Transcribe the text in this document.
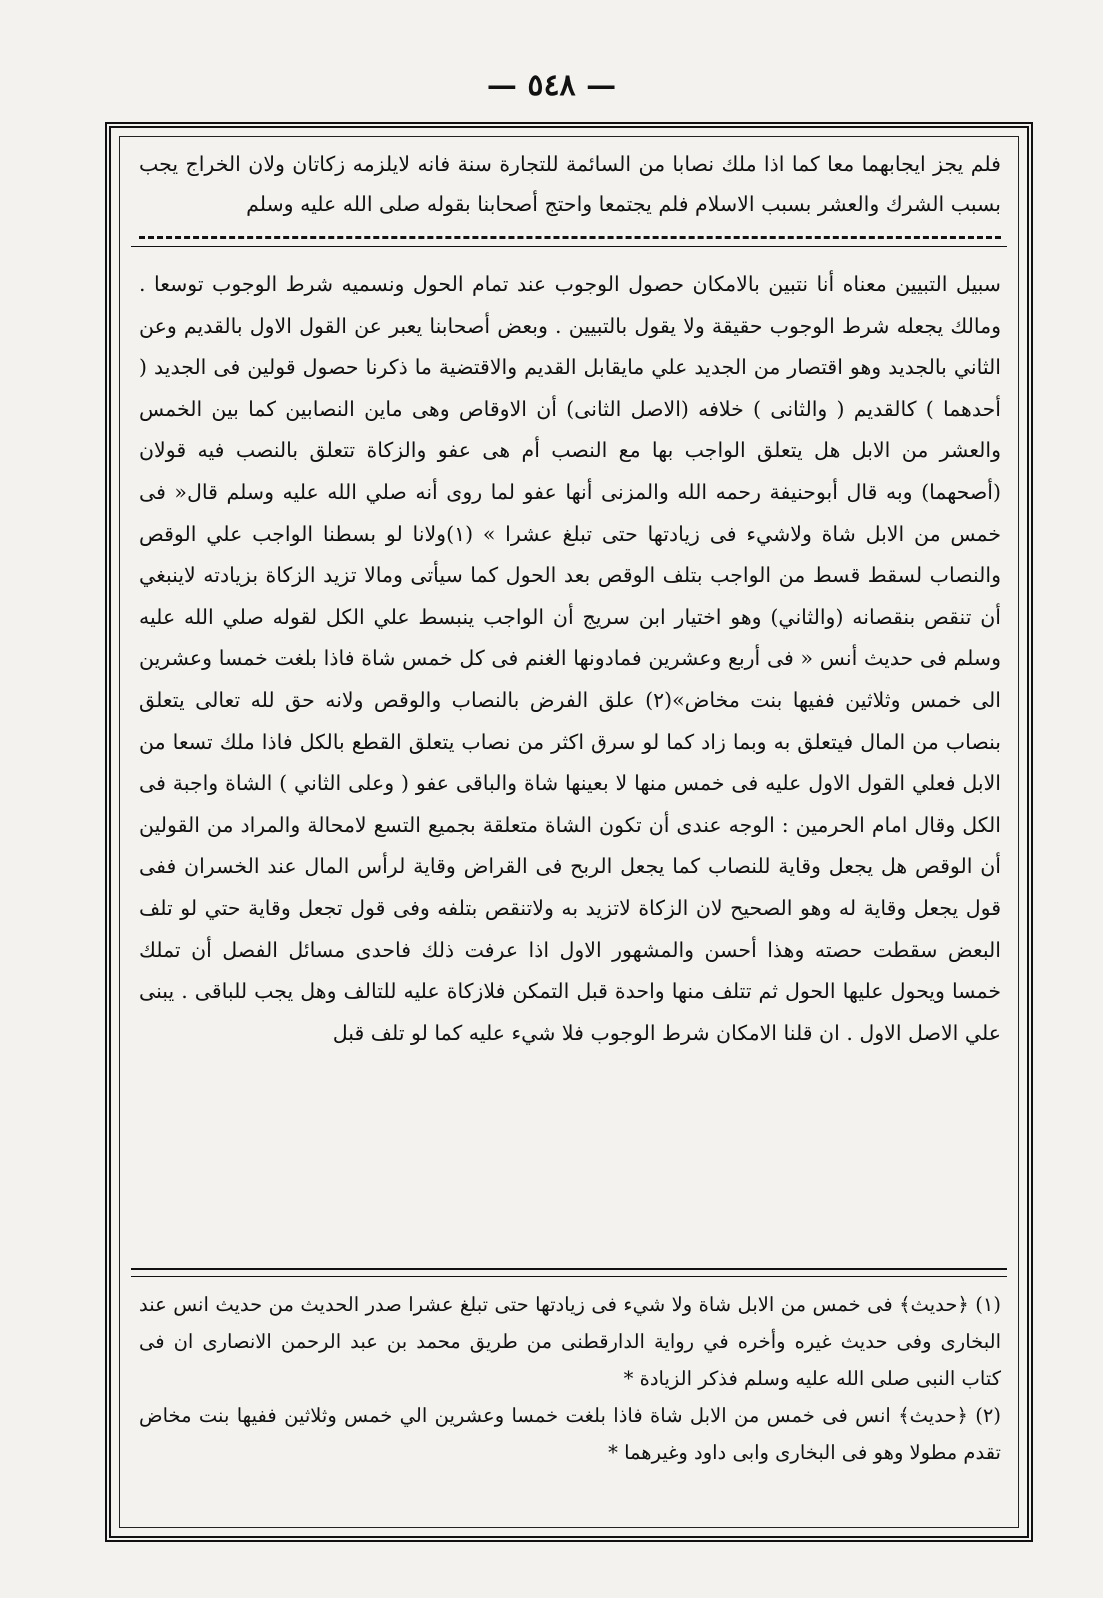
— ٥٤٨ —

فلم يجز ايجابهما معا كما اذا ملك نصابا من السائمة للتجارة سنة فانه لايلزمه زكاتان ولان الخراج يجب بسبب الشرك والعشر بسبب الاسلام فلم يجتمعا واحتج أصحابنا بقوله صلى الله عليه وسلم

سبيل التبيين معناه أنا نتبين بالامكان حصول الوجوب عند تمام الحول ونسميه شرط الوجوب توسعا . ومالك يجعله شرط الوجوب حقيقة ولا يقول بالتبيين . وبعض أصحابنا يعبر عن القول الاول بالقديم وعن الثاني بالجديد وهو اقتصار من الجديد علي مايقابل القديم والاقتضية ما ذكرنا حصول قولين فى الجديد ( أحدهما ) كالقديم ( والثانى ) خلافه (الاصل الثانى) أن الاوقاص وهى ماين النصابين كما بين الخمس والعشر من الابل هل يتعلق الواجب بها مع النصب أم هى عفو والزكاة تتعلق بالنصب فيه قولان (أصحهما) وبه قال أبوحنيفة رحمه الله والمزنى أنها عفو لما روى أنه صلي الله عليه وسلم قال« فى خمس من الابل شاة ولاشيء فى زيادتها حتى تبلغ عشرا » (١)ولانا لو بسطنا الواجب علي الوقص والنصاب لسقط قسط من الواجب بتلف الوقص بعد الحول كما سيأتى ومالا تزيد الزكاة بزيادته لاينبغي أن تنقص بنقصانه (والثاني) وهو اختيار ابن سريج أن الواجب ينبسط علي الكل لقوله صلي الله عليه وسلم فى حديث أنس « فى أربع وعشرين فمادونها الغنم فى كل خمس شاة فاذا بلغت خمسا وعشرين الى خمس وثلاثين ففيها بنت مخاض»(٢) علق الفرض بالنصاب والوقص ولانه حق لله تعالى يتعلق بنصاب من المال فيتعلق به وبما زاد كما لو سرق اكثر من نصاب يتعلق القطع بالكل فاذا ملك تسعا من الابل فعلي القول الاول عليه فى خمس منها لا بعينها شاة والباقى عفو ( وعلى الثاني ) الشاة واجبة فى الكل وقال امام الحرمين : الوجه عندى أن تكون الشاة متعلقة بجميع التسع لامحالة والمراد من القولين أن الوقص هل يجعل وقاية للنصاب كما يجعل الربح فى القراض وقاية لرأس المال عند الخسران ففى قول يجعل وقاية له وهو الصحيح لان الزكاة لاتزيد به ولاتنقص بتلفه وفى قول تجعل وقاية حتي لو تلف البعض سقطت حصته وهذا أحسن والمشهور الاول اذا عرفت ذلك فاحدى مسائل الفصل أن تملك خمسا ويحول عليها الحول ثم تتلف منها واحدة قبل التمكن فلازكاة عليه للتالف وهل يجب للباقى . يبنى علي الاصل الاول . ان قلنا الامكان شرط الوجوب فلا شيء عليه كما لو تلف قبل

(١) ﴿حديث﴾ فى خمس من الابل شاة ولا شيء فى زيادتها حتى تبلغ عشرا صدر الحديث من حديث انس عند البخارى وفى حديث غيره وأخره في رواية الدارقطنى من طريق محمد بن عبد الرحمن الانصارى ان فى كتاب النبى صلى الله عليه وسلم فذكر الزيادة *

(٢) ﴿حديث﴾ انس فى خمس من الابل شاة فاذا بلغت خمسا وعشرين الي خمس وثلاثين ففيها بنت مخاض تقدم مطولا وهو فى البخارى وابى داود وغيرهما *
